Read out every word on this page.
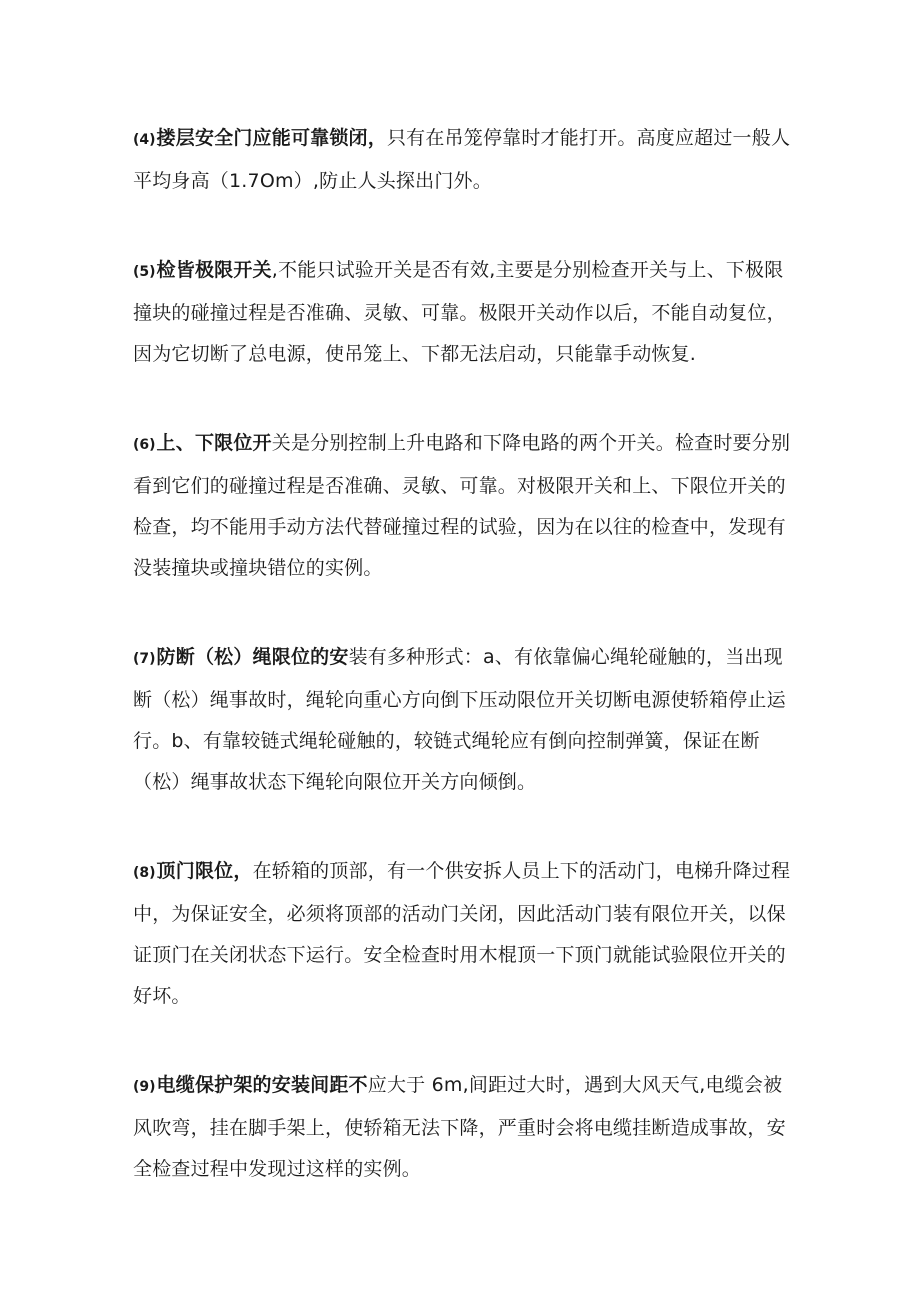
(4)搂层安全门应能可靠锁闭，只有在吊笼停靠时才能打开。高度应超过一般人平均身高（1.7Om）,防止人头探出门外。

(5)检皆极限开关,不能只试验开关是否有效,主要是分别检查开关与上、下极限撞块的碰撞过程是否准确、灵敏、可靠。极限开关动作以后，不能自动复位，因为它切断了总电源，使吊笼上、下都无法启动，只能靠手动恢复.

(6)上、下限位开关是分别控制上升电路和下降电路的两个开关。检查时要分别看到它们的碰撞过程是否准确、灵敏、可靠。对极限开关和上、下限位开关的检查，均不能用手动方法代替碰撞过程的试验，因为在以往的检查中，发现有没装撞块或撞块错位的实例。

(7)防断（松）绳限位的安装有多种形式：a、有依靠偏心绳轮碰触的，当出现断（松）绳事故时，绳轮向重心方向倒下压动限位开关切断电源使轿箱停止运行。b、有靠较链式绳轮碰触的，较链式绳轮应有倒向控制弹簧，保证在断（松）绳事故状态下绳轮向限位开关方向倾倒。

(8)顶门限位，在轿箱的顶部，有一个供安拆人员上下的活动门，电梯升降过程中，为保证安全，必须将顶部的活动门关闭，因此活动门装有限位开关，以保证顶门在关闭状态下运行。安全检查时用木棍顶一下顶门就能试验限位开关的好坏。

(9)电缆保护架的安装间距不应大于 6m,间距过大时，遇到大风天气,电缆会被风吹弯，挂在脚手架上，使轿箱无法下降，严重时会将电缆挂断造成事故，安全检查过程中发现过这样的实例。
